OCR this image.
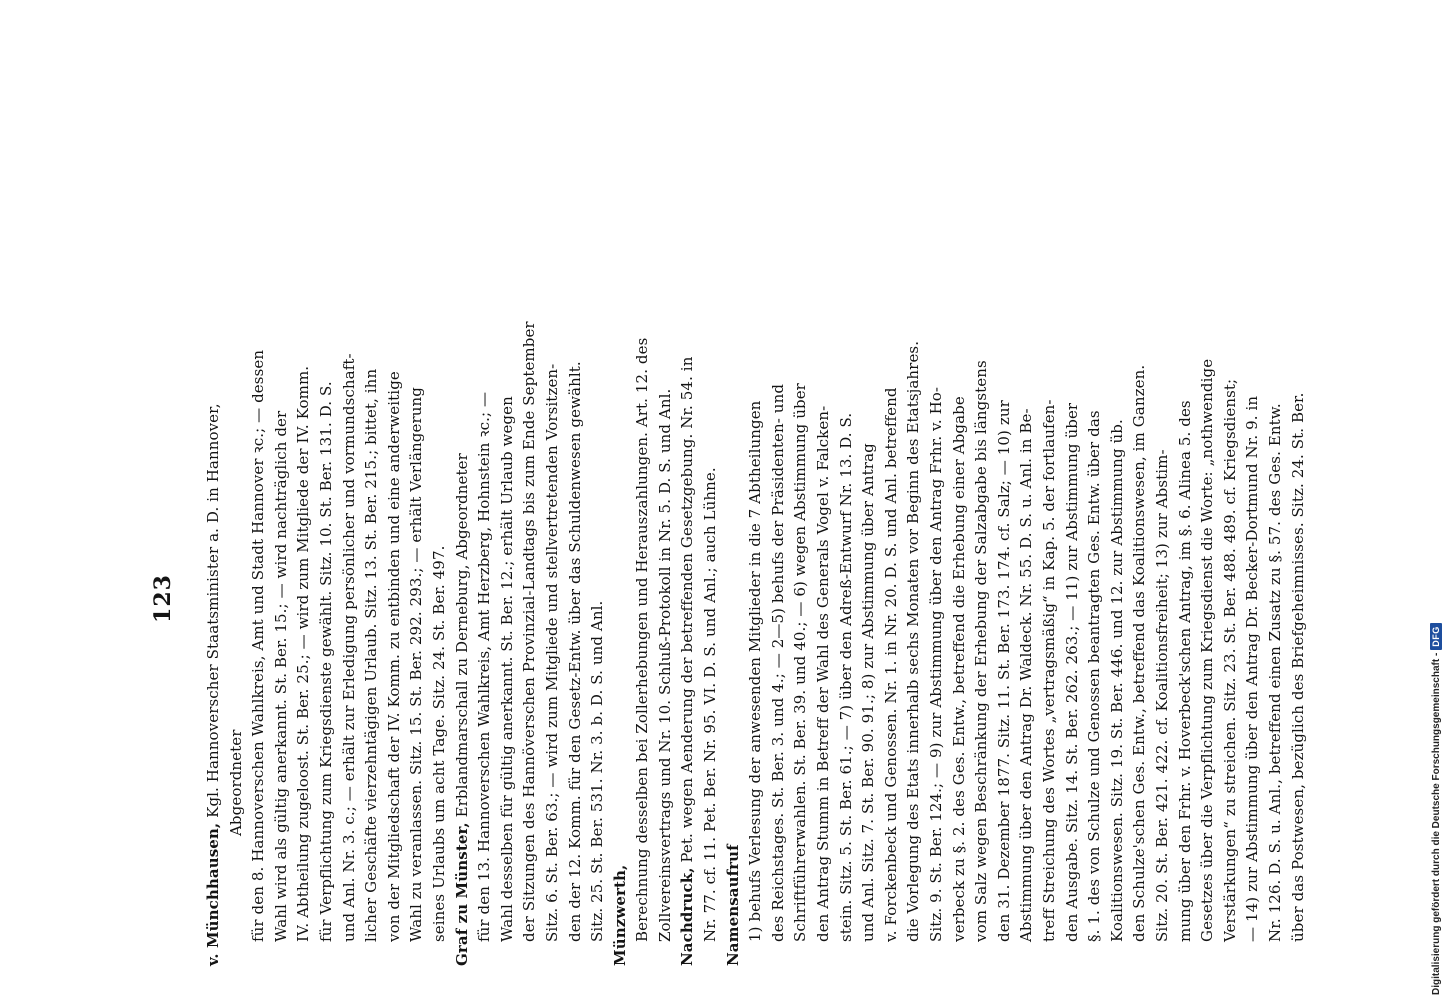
123
v. Münchhausen, Kgl. Hannoverscher Staatsminister a. D. in Hannover, Abgeordneter für den 8. Hannoverschen Wahlkreis, Amt und Stadt Hannover ꝛc.; — dessen Wahl wird als gültig anerkannt. St. Ber. 15.; — wird nachträglich der IV. Abtheilung zugeloost. St. Ber. 25.; — wird zum Mitgliede der IV. Komm. für Verpflichtung zum Kriegsdienste gewählt. Sitz. 10. St. Ber. 131. D. S. und Anl. Nr. 3. c.; — erhält zur Erledigung persönlicher und vormundschaft- licher Geschäfte vierzehntägigen Urlaub. Sitz. 13. St. Ber. 215.; bittet, ihn von der Mitgliedschaft der IV. Komm. zu entbinden und eine anderweitige Wahl zu veranlassen. Sitz. 15. St. Ber. 292. 293.; — erhält Verlängerung seines Urlaubs um acht Tage. Sitz. 24. St. Ber. 497. Graf zu Münster, Erblandmarschall zu Derneburg, Abgeordneter für den 13. Hannoverschen Wahlkreis, Amt Herzberg, Hohnstein ꝛc.; — Wahl desselben für gültig anerkannt. St. Ber. 12.; erhält Urlaub wegen der Sitzungen des Hannöverschen Provinzial-Landtags bis zum Ende September Sitz. 6. St. Ber. 63.; — wird zum Mitgliede und stellvertretenden Vorsitzen- den der 12. Komm. für den Gesetz-Entw. über das Schuldenwesen gewählt. Sitz. 25. St. Ber. 531. Nr. 3. b. D. S. und Anl. Münzwerth, Berechnung desselben bei Zollerhebungen und Herauszahlungen. Art. 12. des Zollvereinsvertrags und Nr. 10. Schluß-Protokoll in Nr. 5. D. S. und Anl. Nachdruck, Pet. wegen Aenderung der betreffenden Gesetzgebung. Nr. 54. in Nr. 77. cf. 11. Pet. Ber. Nr. 95. VI. D. S. und Anl.; auch Lühne. Namensaufruf 1) behufs Verlesung der anwesenden Mitglieder in die 7 Abtheilungen des Reichstages. St. Ber. 3. und 4.; — 2—5) behufs der Präsidenten- und Schriftführerwahlen. St. Ber. 39. und 40.; — 6) wegen Abstimmung über den Antrag Stumm in Betreff der Wahl des Generals Vogel v. Falcken- stein. Sitz. 5. St. Ber. 61.; — 7) über den Adreß-Entwurf Nr. 13. D. S. und Anl. Sitz. 7. St. Ber. 90. 91.; 8) zur Abstimmung über Antrag v. Forckenbeck und Genossen. Nr. 1. in Nr. 20. D. S. und Anl. betreffend die Vorlegung des Etats innerhalb sechs Monaten vor Beginn des Etatsjahres. Sitz. 9. St. Ber. 124.; — 9) zur Abstimmung über den Antrag Frhr. v. Ho- verbeck zu §. 2. des Ges. Entw., betreffend die Erhebung einer Abgabe vom Salz wegen Beschränkung der Erhebung der Salzabgabe bis längstens den 31. Dezember 1877. Sitz. 11. St. Ber. 173. 174. cf. Salz; — 10) zur Abstimmung über den Antrag Dr. Waldeck. Nr. 55. D. S. u. Anl. in Be- treff Streichung des Wortes „vertragsmäßig“ in Kap. 5. der fortlaufen- den Ausgabe. Sitz. 14. St. Ber. 262. 263.; — 11) zur Abstimmung über §. 1. des von Schulze und Genossen beantragten Ges. Entw. über das Koalitionswesen. Sitz. 19. St. Ber. 446. und 12. zur Abstimmung üb. den Schulze'schen Ges. Entw., betreffend das Koalitionswesen, im Ganzen. Sitz. 20. St. Ber. 421. 422. cf. Koalitionsfreiheit; 13) zur Abstim- mung über den Frhr. v. Hoverbeck'schen Antrag, im §. 6. Alinea 5. des Gesetzes über die Verpflichtung zum Kriegsdienst die Worte: „nothwendige Verstärkungen“ zu streichen. Sitz. 23. St. Ber. 488. 489. cf. Kriegsdienst; — 14) zur Abstimmung über den Antrag Dr. Becker-Dortmund Nr. 9. in Nr. 126. D. S. u. Anl., betreffend einen Zusatz zu §. 57. des Ges. Entw. über das Postwesen, bezüglich des Briefgeheimnisses. Sitz. 24. St. Ber.	Digitalisierung gefördert durch die Deutsche Forschungsgemeinschaft -
DFG
